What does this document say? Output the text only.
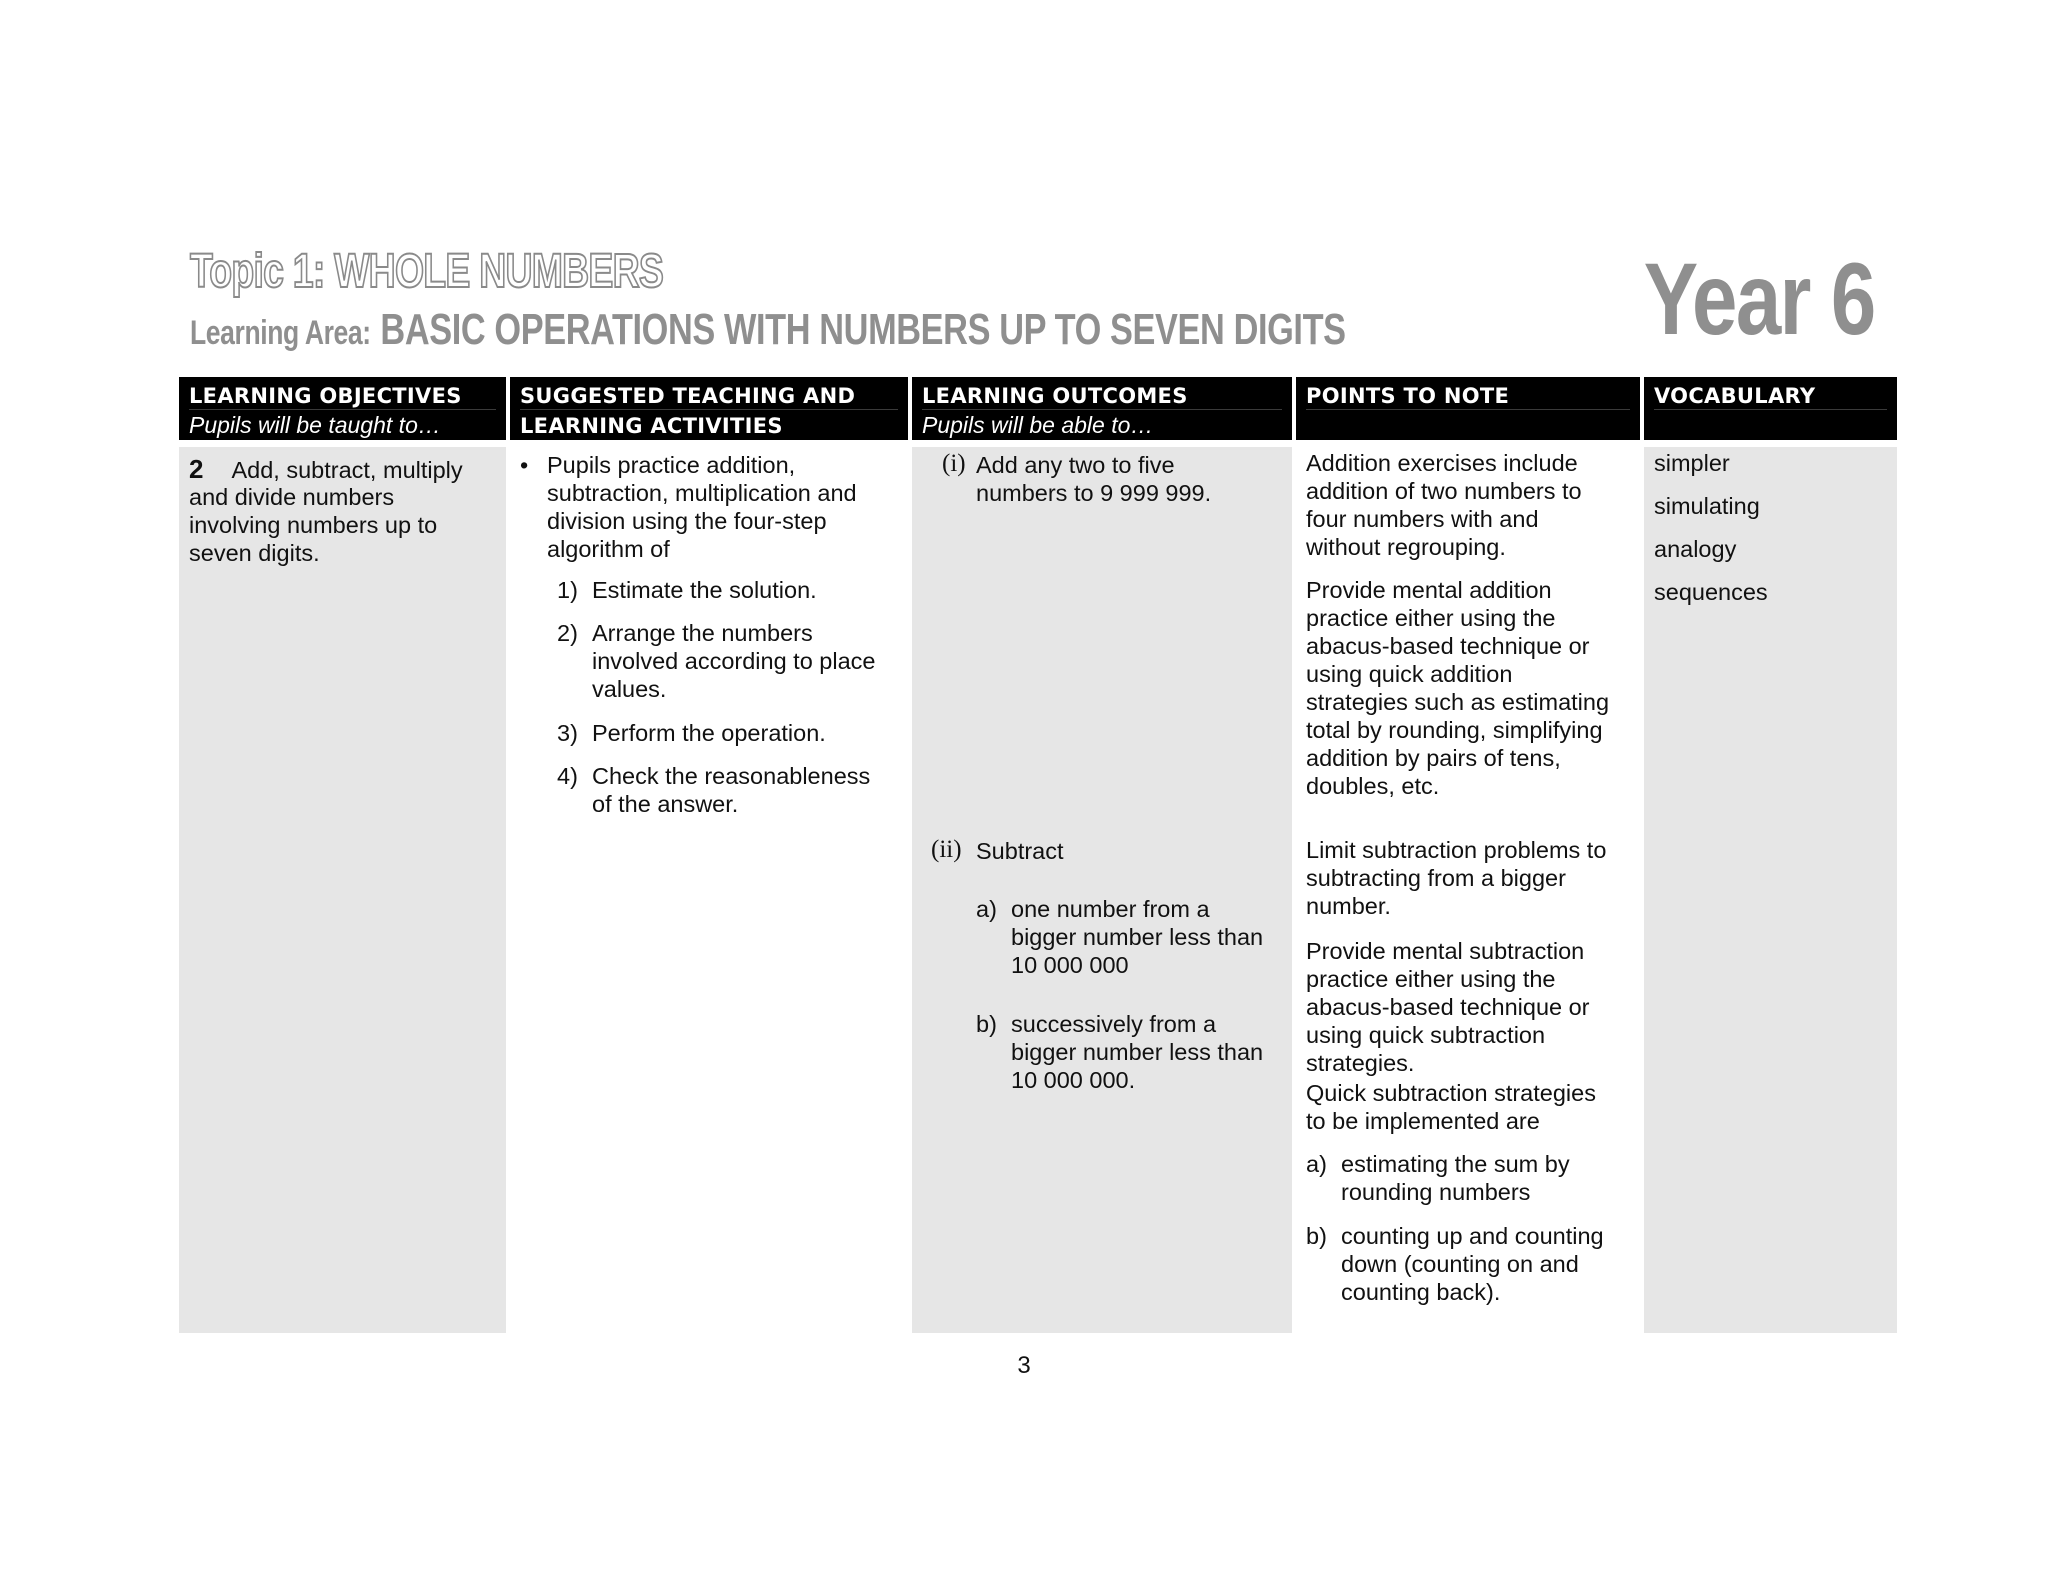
Topic 1: WHOLE NUMBERS
Learning Area: BASIC OPERATIONS WITH NUMBERS UP TO SEVEN DIGITS	Year 6
LEARNING OBJECTIVES
Pupils will be taught to…
2 Add, subtract, multiply
and divide numbers
involving numbers up to
seven digits.
SUGGESTED TEACHING AND
LEARNING ACTIVITIES
• Pupils practice addition,
subtraction, multiplication and
division using the four-step
algorithm of
1) Estimate the solution.
2) Arrange the numbers
involved according to place
values.
3) Perform the operation.
4) Check the reasonableness
of the answer.
LEARNING OUTCOMES
Pupils will be able to…
(i) Add any two to five
numbers to 9 999 999.
(ii) Subtract
a) one number from a
bigger number less than
10 000 000
b) successively from a
bigger number less than
10 000 000.
POINTS TO NOTE
Addition exercises include
addition of two numbers to
four numbers with and
without regrouping.
Provide mental addition
practice either using the
abacus-based technique or
using quick addition
strategies such as estimating
total by rounding, simplifying
addition by pairs of tens,
doubles, etc.
Limit subtraction problems to
subtracting from a bigger
number.
Provide mental subtraction
practice either using the
abacus-based technique or
using quick subtraction
strategies.
Quick subtraction strategies
to be implemented are
a) estimating the sum by
rounding numbers
b) counting up and counting
down (counting on and
counting back).
VOCABULARY
simpler
simulating
analogy
sequences
3
